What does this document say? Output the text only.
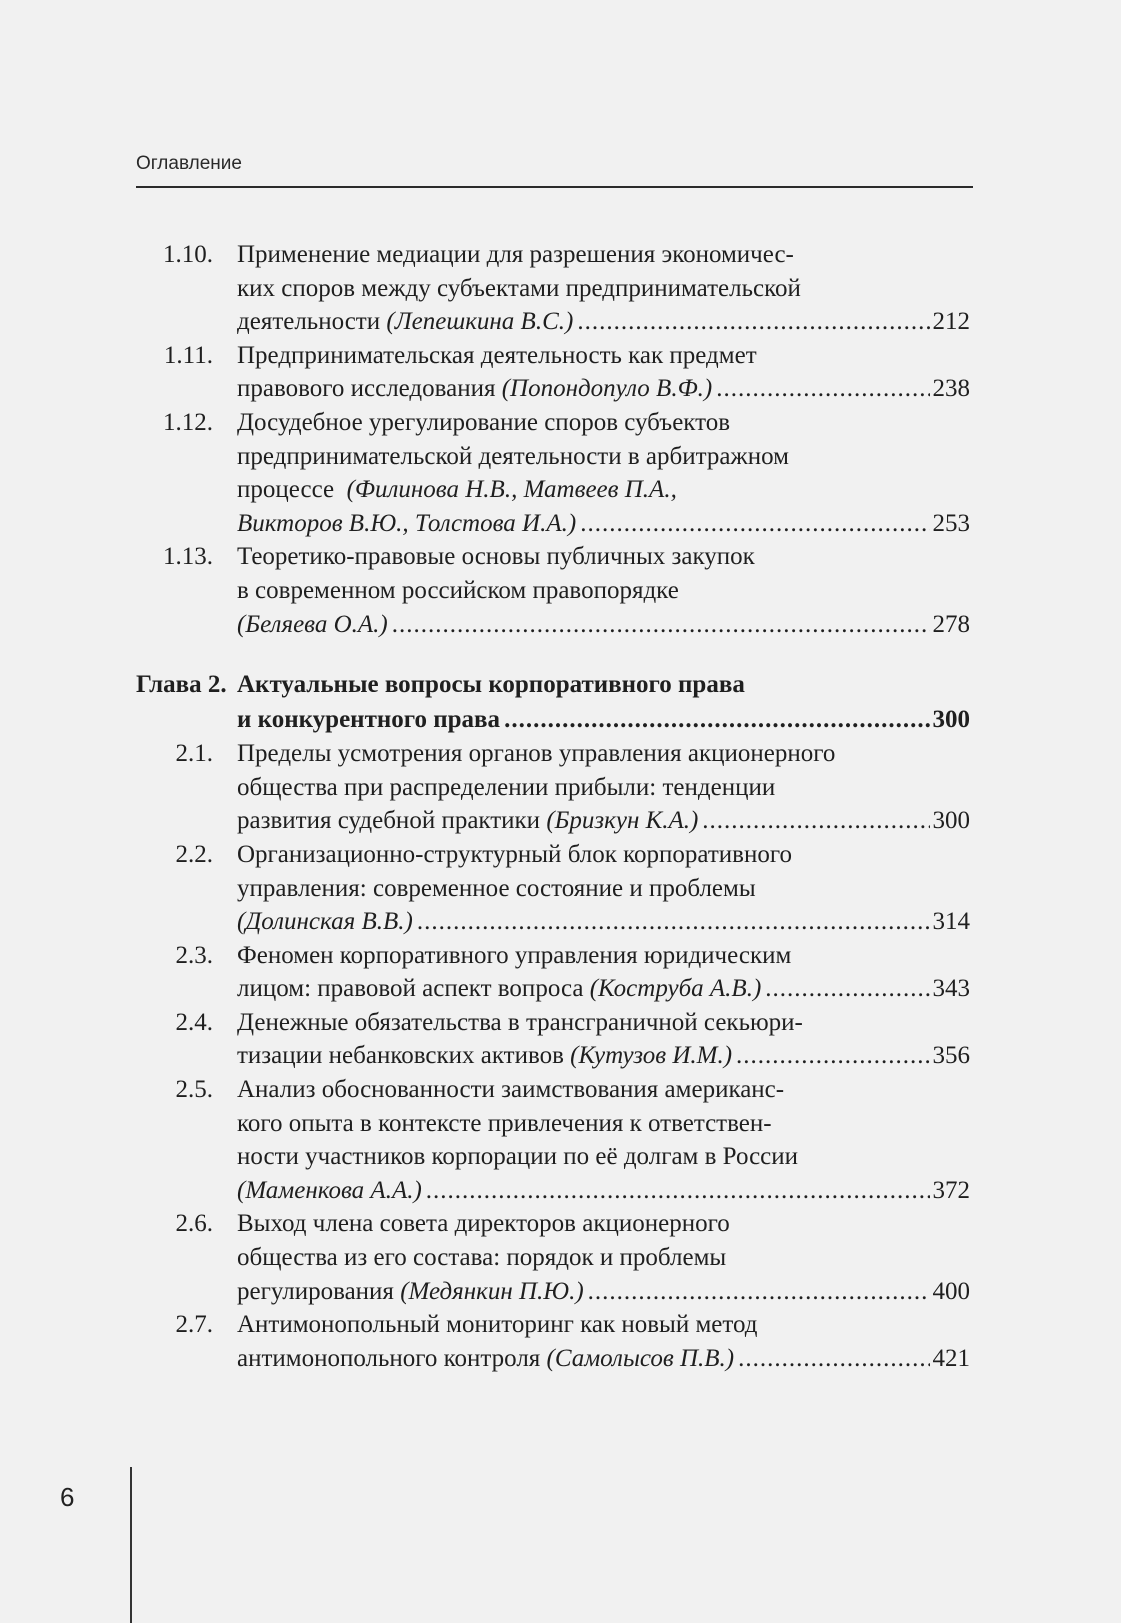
Оглавление
1.10. Применение медиации для разрешения экономичес-
ких споров между субъектами предпринимательской
деятельности (Лепешкина В.С.) .....	212
1.11. Предпринимательская деятельность как предмет
правового исследования (Попондопуло В.Ф.) .....	238
1.12. Досудебное урегулирование споров субъектов
предпринимательской деятельности в арбитражном
процессе (Филинова Н.В., Матвеев П.А.,
Викторов В.Ю., Толстова И.А.) .....	253
1.13. Теоретико-правовые основы публичных закупок
в современном российском правопорядке
(Беляева О.А.) .....	278
Глава 2. Актуальные вопросы корпоративного права
и конкурентного права .....	300
2.1. Пределы усмотрения органов управления акционерного
общества при распределении прибыли: тенденции
развития судебной практики (Бризкун К.А.) .....	300
2.2. Организационно-структурный блок корпоративного
управления: современное состояние и проблемы
(Долинская В.В.) .....	314
2.3. Феномен корпоративного управления юридическим
лицом: правовой аспект вопроса (Коструба А.В.) .....	343
2.4. Денежные обязательства в трансграничной секьюри-
тизации небанковских активов (Кутузов И.М.) .....	356
2.5. Анализ обоснованности заимствования американс-
кого опыта в контексте привлечения к ответствен-
ности участников корпорации по её долгам в России
(Маменкова А.А.) .....	372
2.6. Выход члена совета директоров акционерного
общества из его состава: порядок и проблемы
регулирования (Медянкин П.Ю.) .....	400
2.7. Антимонопольный мониторинг как новый метод
антимонопольного контроля (Самолысов П.В.) .....	421
6
